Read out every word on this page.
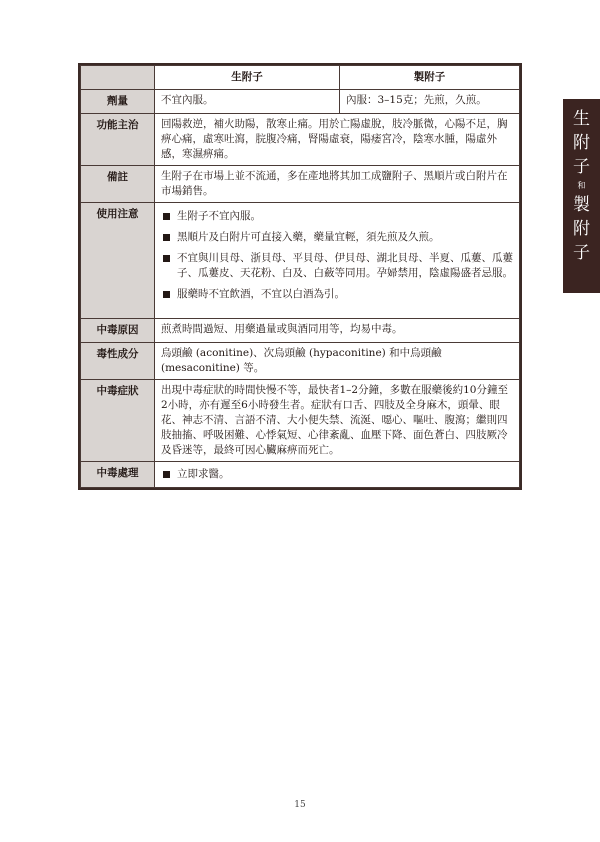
	生附子	製附子
劑量	不宜內服。	內服：3–15克；先煎，久煎。
功能主治	回陽救逆，補火助陽，散寒止痛。用於亡陽虛脫，肢冷脈微，心陽不足，胸痹心痛，虛寒吐瀉，脘腹冷痛，腎陽虛衰，陽痿宮冷，陰寒水腫，陽虛外感，寒濕痹痛。	
備註	生附子在市場上並不流通，多在產地將其加工成鹽附子、黑順片或白附片在市場銷售。	
使用注意	生附子不宜內服。
黑順片及白附片可直接入藥，藥量宜輕，須先煎及久煎。
不宜與川貝母、浙貝母、平貝母、伊貝母、湖北貝母、半夏、瓜蔞、瓜蔞子、瓜蔞皮、天花粉、白及、白蘞等同用。孕婦禁用，陰虛陽盛者忌服。
服藥時不宜飲酒，不宜以白酒為引。	

中毒原因	煎煮時間過短、用藥過量或與酒同用等，均易中毒。	
毒性成分	烏頭鹼 (aconitine)、次烏頭鹼 (hypaconitine) 和中烏頭鹼 (mesaconitine) 等。	
中毒症狀	出現中毒症狀的時間快慢不等，最快者1–2分鐘，多數在服藥後約10分鐘至2小時，亦有遲至6小時發生者。症狀有口舌、四肢及全身麻木，頭暈、眼花、神志不清、言語不清、大小便失禁、流涎、噁心、嘔吐、腹瀉；繼則四肢抽搐、呼吸困難、心悸氣短、心律紊亂、血壓下降、面色蒼白、四肢厥冷及昏迷等，最終可因心臟麻痹而死亡。	
中毒處理	立即求醫。	
生
附
子
和
製
附
子
15
